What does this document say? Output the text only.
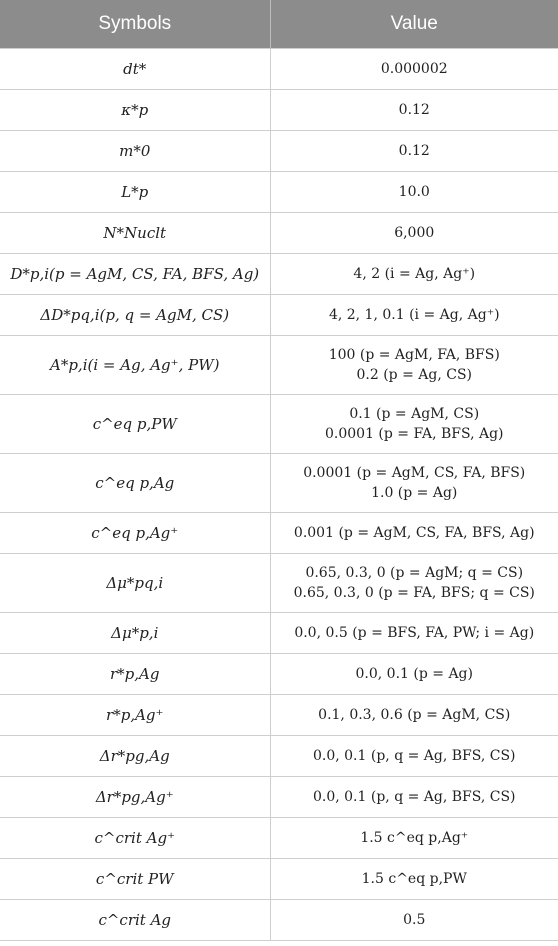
Symbols	Value
dt*	0.000002

κ*p	0.12

m*0	0.12

L*p	10.0

N*Nuclt	6,000

D*p,i(p = AgM, CS, FA, BFS, Ag)	4, 2 (i = Ag, Ag⁺)

ΔD*pq,i(p, q = AgM, CS)	4, 2, 1, 0.1 (i = Ag, Ag⁺)

A*p,i(i = Ag, Ag⁺, PW)	100 (p = AgM, FA, BFS)
0.2 (p = Ag, CS)

c^eq p,PW	0.1 (p = AgM, CS)
0.0001 (p = FA, BFS, Ag)

c^eq p,Ag	0.0001 (p = AgM, CS, FA, BFS)
1.0 (p = Ag)

c^eq p,Ag⁺	0.001 (p = AgM, CS, FA, BFS, Ag)

Δμ*pq,i	0.65, 0.3, 0 (p = AgM; q = CS)
0.65, 0.3, 0 (p = FA, BFS; q = CS)

Δμ*p,i	0.0, 0.5 (p = BFS, FA, PW; i = Ag)

r*p,Ag	0.0, 0.1 (p = Ag)

r*p,Ag⁺	0.1, 0.3, 0.6 (p = AgM, CS)

Δr*pg,Ag	0.0, 0.1 (p, q = Ag, BFS, CS)

Δr*pg,Ag⁺	0.0, 0.1 (p, q = Ag, BFS, CS)

c^crit Ag⁺	1.5 c^eq p,Ag⁺

c^crit PW	1.5 c^eq p,PW

c^crit Ag	0.5
